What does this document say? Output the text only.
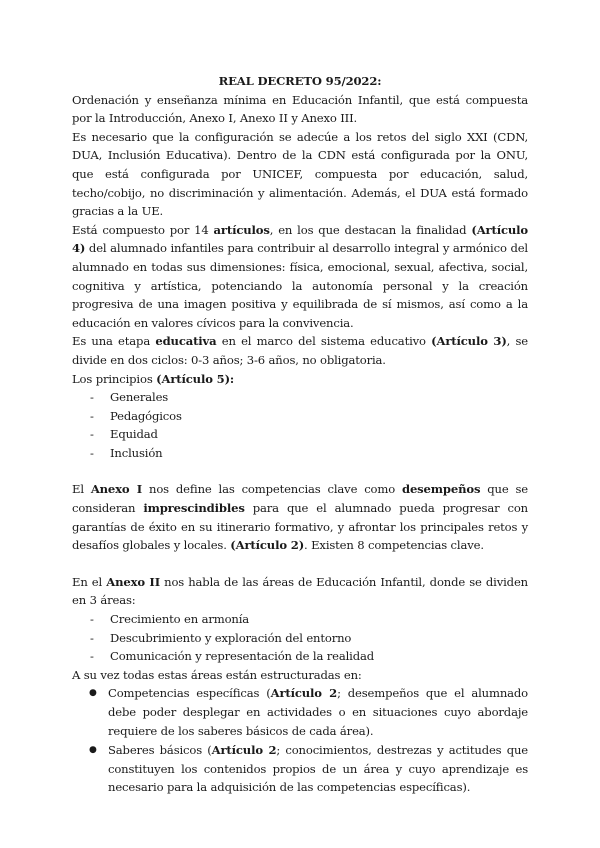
REAL DECRETO 95/2022:

Ordenación y enseñanza mínima en Educación Infantil, que está compuesta por la Introducción, Anexo I, Anexo II y Anexo III.

Es necesario que la configuración se adecúe a los retos del siglo XXI (CDN, DUA, Inclusión Educativa). Dentro de la CDN está configurada por la ONU, que está configurada por UNICEF, compuesta por educación, salud, techo/cobijo, no discriminación y alimentación. Además, el DUA está formado gracias a la UE.

Está compuesto por 14 artículos, en los que destacan la finalidad (Artículo 4) del alumnado infantiles para contribuir al desarrollo integral y armónico del alumnado en todas sus dimensiones: física, emocional, sexual, afectiva, social, cognitiva y artística, potenciando la autonomía personal y la creación progresiva de una imagen positiva y equilibrada de sí mismos, así como a la educación en valores cívicos para la convivencia.

Es una etapa educativa en el marco del sistema educativo (Artículo 3), se divide en dos ciclos: 0-3 años; 3-6 años, no obligatoria.

Los principios (Artículo 5):

- Generales
- Pedagógicos
- Equidad
- Inclusión

El Anexo I nos define las competencias clave como desempeños que se consideran imprescindibles para que el alumnado pueda progresar con garantías de éxito en su itinerario formativo, y afrontar los principales retos y desafíos globales y locales. (Artículo 2). Existen 8 competencias clave.

En el Anexo II nos habla de las áreas de Educación Infantil, donde se dividen en 3 áreas:

- Crecimiento en armonía
- Descubrimiento y exploración del entorno
- Comunicación y representación de la realidad

A su vez todas estas áreas están estructuradas en:

● Competencias específicas (Artículo 2; desempeños que el alumnado debe poder desplegar en actividades o en situaciones cuyo abordaje requiere de los saberes básicos de cada área).
● Saberes básicos (Artículo 2; conocimientos, destrezas y actitudes que constituyen los contenidos propios de un área y cuyo aprendizaje es necesario para la adquisición de las competencias específicas).
